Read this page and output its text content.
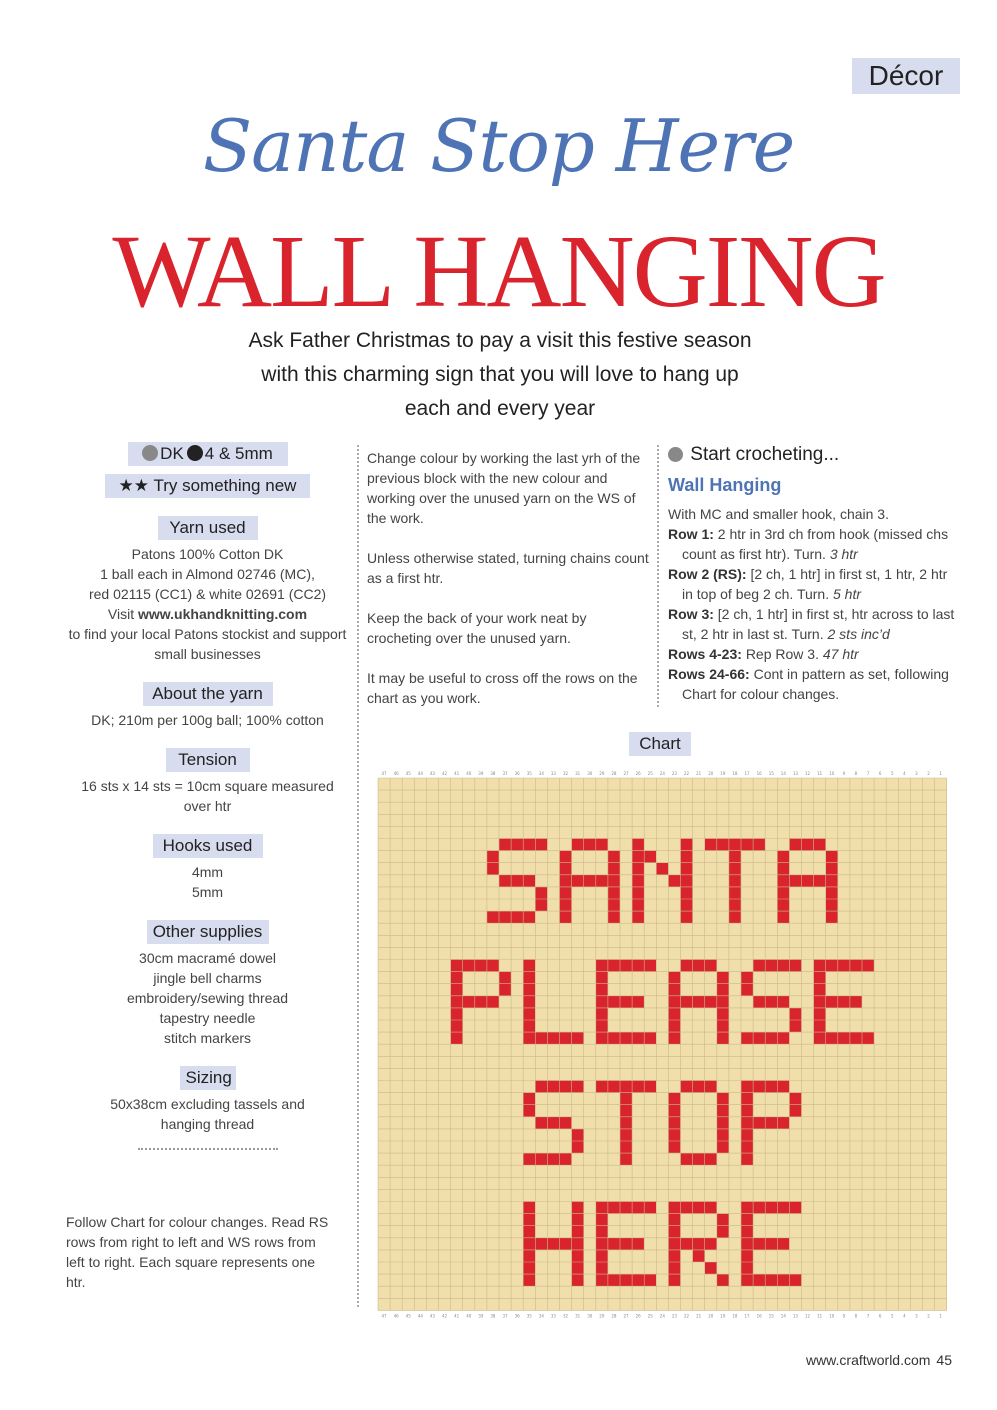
Décor
Santa Stop Here
WALL HANGING
Ask Father Christmas to pay a visit this festive season
with this charming sign that you will love to hang up
each and every year
DK 4 & 5mm
★★ Try something new
Yarn used

Patons 100% Cotton DK
1 ball each in Almond 02746 (MC),
red 02115 (CC1) & white 02691 (CC2)
Visit www.ukhandknitting.com
to find your local Patons stockist and support small businesses

About the yarn

DK; 210m per 100g ball; 100% cotton

Tension

16 sts x 14 sts = 10cm square measured over htr

Hooks used

4mm
5mm

Other supplies

30cm macramé dowel
jingle bell charms
embroidery/sewing thread
tapestry needle
stitch markers

Sizing

50x38cm excluding tassels and hanging thread

Follow Chart for colour changes. Read RS rows from right to left and WS rows from left to right. Each square represents one htr.

Change colour by working the last yrh of the previous block with the new colour and working over the unused yarn on the WS of the work.

Unless otherwise stated, turning chains count as a first htr.

Keep the back of your work neat by crocheting over the unused yarn.

It may be useful to cross off the rows on the chart as you work.

Start crocheting...
Wall Hanging
With MC and smaller hook, chain 3.
Row 1: 2 htr in 3rd ch from hook (missed chs count as first htr). Turn. 3 htr
Row 2 (RS): [2 ch, 1 htr] in first st, 1 htr, 2 htr in top of beg 2 ch. Turn. 5 htr
Row 3: [2 ch, 1 htr] in first st, htr across to last st, 2 htr in last st. Turn. 2 sts inc’d
Rows 4-23: Rep Row 3. 47 htr
Rows 24-66: Cont in pattern as set, following Chart for colour changes.
Chart
47
47
46
46
45
45
44
44
43
43
42
42
41
41
40
40
39
39
38
38
37
37
36
36
35
35
34
34
33
33
32
32
31
31
30
30
29
29
28
28
27
27
26
26
25
25
24
24
23
23
22
22
21
21
20
20
19
19
18
18
17
17
16
16
15
15
14
14
13
13
12
12
11
11
10
10
9
9
8
8
7
7
6
6
5
5
4
4
3
3
2
2
1
1
www.craftworld.com 45
